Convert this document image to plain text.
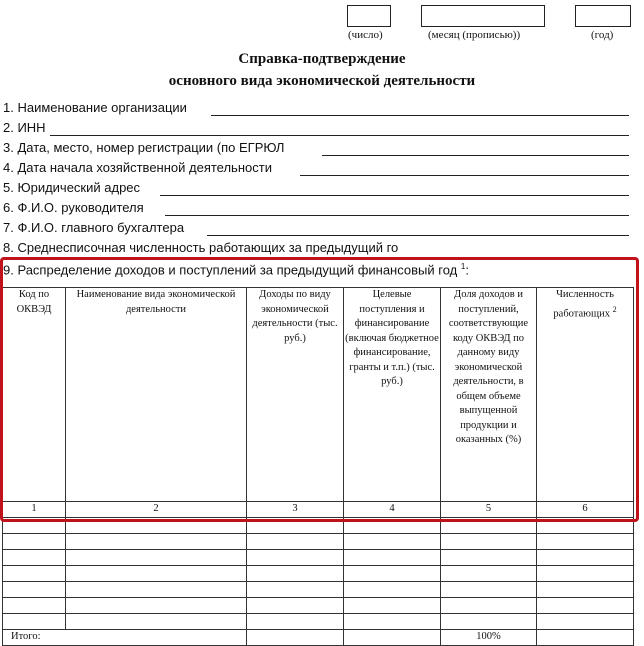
(число)	(месяц (прописью))	(год)
Справка-подтверждение
основного вида экономической деятельности
1. Наименование организации
2. ИНН
3. Дата, место, номер регистрации (по ЕГРЮЛ
4. Дата начала хозяйственной деятельности
5. Юридический адрес
6. Ф.И.О. руководителя
7. Ф.И.О. главного бухгалтера
8. Среднесписочная численность работающих за предыдущий го
9. Распределение доходов и поступлений за предыдущий финансовый год $^1$:
Код по ОКВЭД	Наименование вида экономической деятельности	Доходы по виду экономической деятельности (тыс. руб.)	Целевые поступления и финансирование (включая бюджетное финансирование, гранты и т.п.) (тыс. руб.)	Доля доходов и поступлений, соответствующие коду ОКВЭД по данному виду экономической деятельности, в общем объеме выпущенной продукции и оказанных (%)	Численность работающих $^2$
1	2	3	4	5	6

Итого:				100%	
